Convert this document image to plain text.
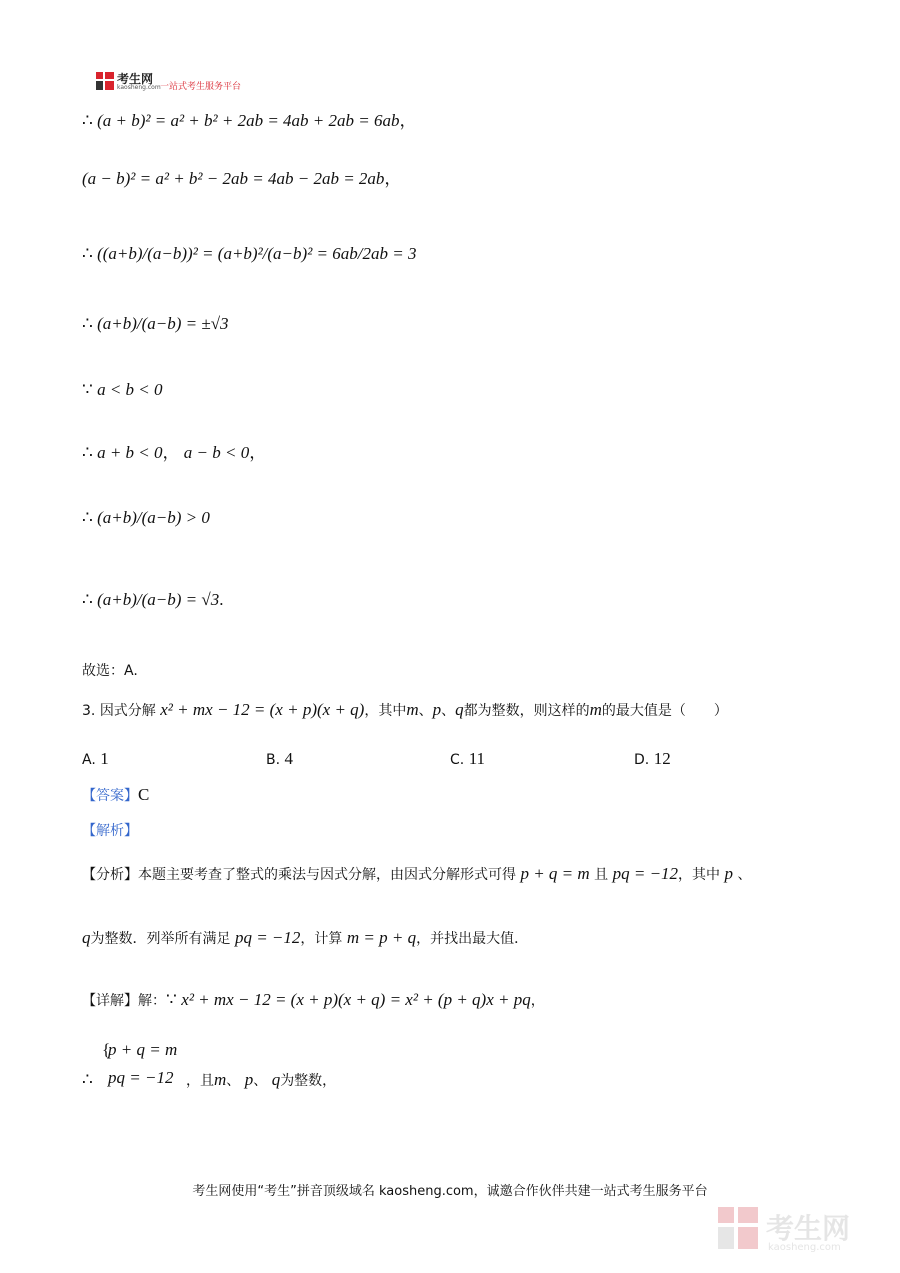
考生网
kaosheng.com 一站式考生服务平台
∴ (a + b)² = a² + b² + 2ab = 4ab + 2ab = 6ab，
(a − b)² = a² + b² − 2ab = 4ab − 2ab = 2ab，
∴ ((a+b)/(a−b))² = (a+b)²/(a−b)² = 6ab/2ab = 3
∴ (a+b)/(a−b) = ±√3
∵ a < b < 0
∴ a + b < 0， a − b < 0，
∴ (a+b)/(a−b) > 0
∴ (a+b)/(a−b) = √3.
故选：A.
3. 因式分解 x² + mx − 12 = (x + p)(x + q)，其中m、p、q都为整数，则这样的m的最大值是（　　）
A. 1	B. 4	C. 11	D. 12
【答案】C
【解析】
【分析】本题主要考查了整式的乘法与因式分解，由因式分解形式可得 p + q = m 且 pq = −12，其中 p 、
q为整数．列举所有满足 pq = −12，计算 m = p + q，并找出最大值．
【详解】解：∵ x² + mx − 12 = (x + p)(x + q) = x² + (p + q)x + pq，
{
p + q = m
∴ pq = −12 ，且m、 p、 q为整数，
考生网使用“考生”拼音顶级域名 kaosheng.com，诚邀合作伙伴共建一站式考生服务平台
考生网
kaosheng.com
